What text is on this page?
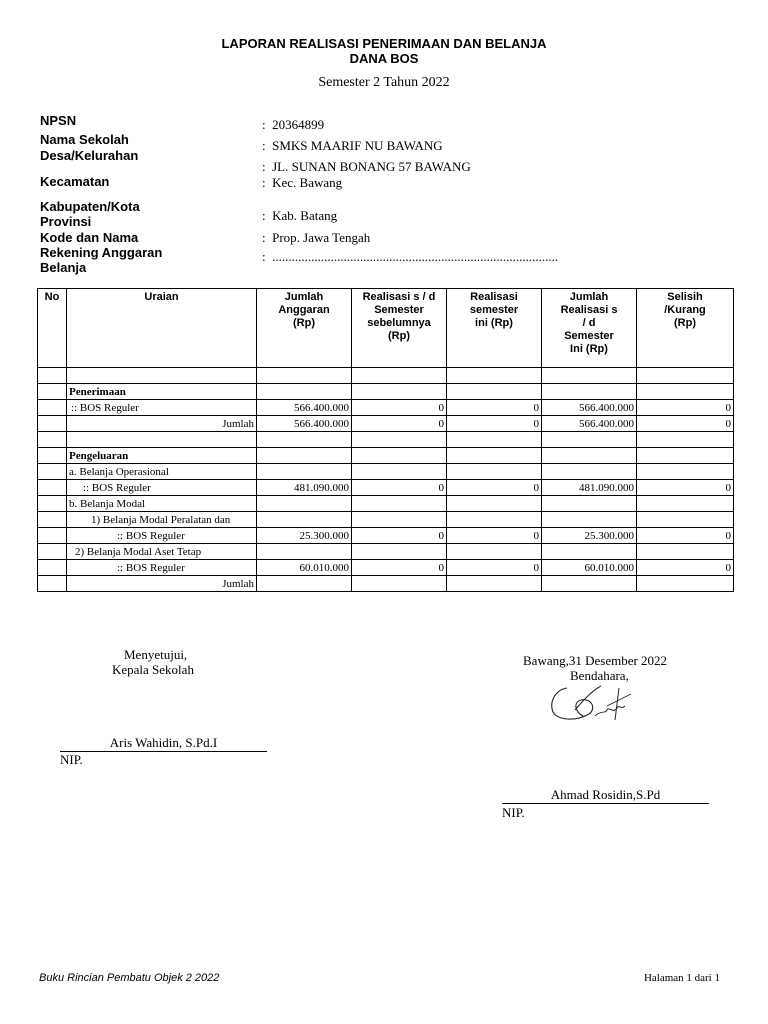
LAPORAN REALISASI PENERIMAAN DAN BELANJA
DANA BOS
Semester 2 Tahun 2022
NPSN	: 20364899
Nama Sekolah	: SMKS MAARIF NU BAWANG
Desa/Kelurahan
: JL. SUNAN BONANG 57 BAWANG
Kecamatan	: Kec. Bawang
Kabupaten/Kota
Provinsi	: Kab. Batang
Kode dan Nama	: Prop. Jawa Tengah
Rekening Anggaran
Belanja
: ........................................................................................
No	Uraian	Jumlah Anggaran (Rp)	Realisasi s / d Semester sebelumnya (Rp)	Realisasi semester ini (Rp)	Jumlah Realisasi s / d Semester Ini (Rp)	Selisih /Kurang (Rp)

	Penerimaan					
	:: BOS Reguler	566.400.000	0	0	566.400.000	0
	Jumlah	566.400.000	0	0	566.400.000	0

	Pengeluaran					
	a. Belanja Operasional					
	:: BOS Reguler	481.090.000	0	0	481.090.000	0
	b. Belanja Modal					
	1) Belanja Modal Peralatan dan					
	:: BOS Reguler	25.300.000	0	0	25.300.000	0
	2) Belanja Modal Aset Tetap					
	:: BOS Reguler	60.010.000	0	0	60.010.000	0
	Jumlah					
Menyetujui,
Kepala Sekolah
Aris Wahidin, S.Pd.I
NIP.
Bawang,31 Desember 2022
Bendahara,
Ahmad Rosidin,S.Pd
NIP.
Buku Rincian Pembatu Objek 2 2022	Halaman 1 dari 1
